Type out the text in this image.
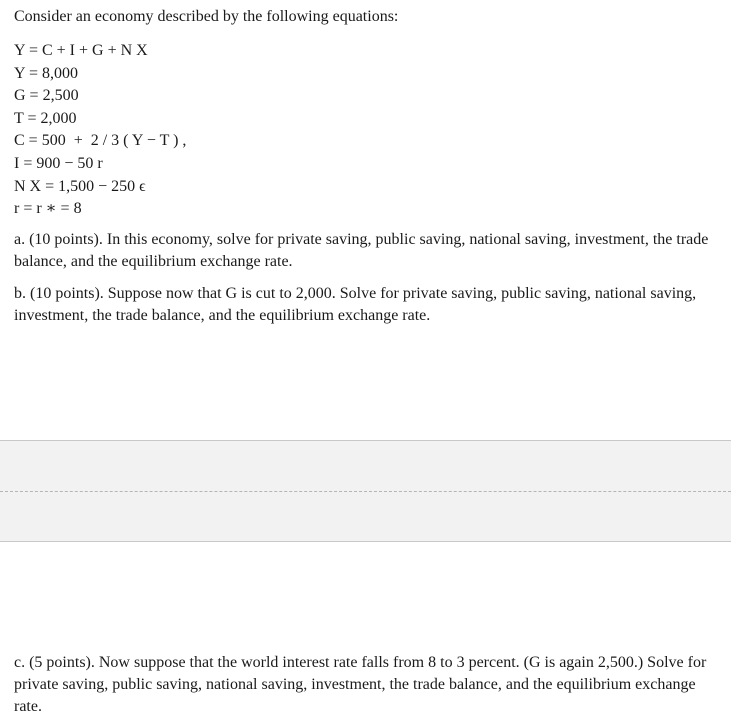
Consider an economy described by the following equations:
Y = C + I + G + N X
Y = 8,000
G = 2,500
T = 2,000
C = 500  +  2 / 3 ( Y − T ) ,
I = 900 − 50 r
N X = 1,500 − 250 ϵ
r = r ∗ = 8
a. (10 points). In this economy, solve for private saving, public saving, national saving, investment, the trade balance, and the equilibrium exchange rate.
b. (10 points). Suppose now that G is cut to 2,000. Solve for private saving, public saving, national saving, investment, the trade balance, and the equilibrium exchange rate.
c. (5 points). Now suppose that the world interest rate falls from 8 to 3 percent. (G is again 2,500.) Solve for private saving, public saving, national saving, investment, the trade balance, and the equilibrium exchange rate.
